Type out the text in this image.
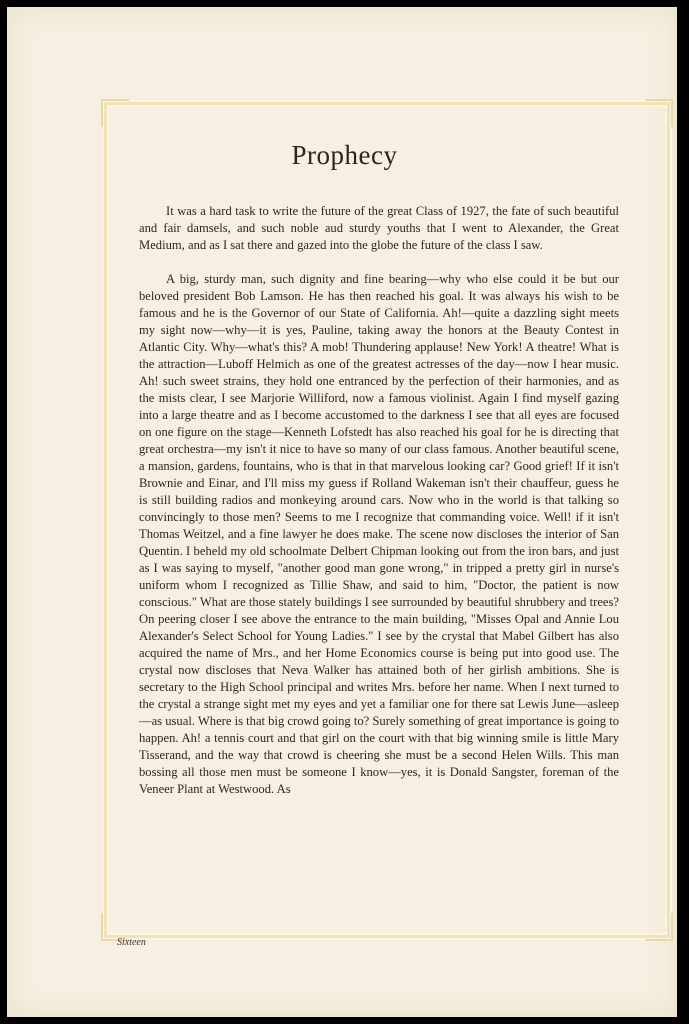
Prophecy

It was a hard task to write the future of the great Class of 1927, the fate of such beautiful and fair damsels, and such noble aud sturdy youths that I went to Alexander, the Great Medium, and as I sat there and gazed into the globe the future of the class I saw.

A big, sturdy man, such dignity and fine bearing—why who else could it be but our beloved president Bob Lamson. He has then reached his goal. It was always his wish to be famous and he is the Governor of our State of California. Ah!—quite a dazzling sight meets my sight now—why—it is yes, Pauline, taking away the honors at the Beauty Contest in Atlantic City. Why—what's this? A mob! Thundering applause! New York! A theatre! What is the attraction—Luboff Helmich as one of the greatest actresses of the day—now I hear music. Ah! such sweet strains, they hold one entranced by the perfection of their harmonies, and as the mists clear, I see Marjorie Williford, now a famous violinist. Again I find myself gazing into a large theatre and as I become accustomed to the darkness I see that all eyes are focused on one figure on the stage—Kenneth Lofstedt has also reached his goal for he is directing that great orchestra—my isn't it nice to have so many of our class famous. Another beautiful scene, a mansion, gardens, fountains, who is that in that marvelous looking car? Good grief! If it isn't Brownie and Einar, and I'll miss my guess if Rolland Wakeman isn't their chauffeur, guess he is still building radios and monkeying around cars. Now who in the world is that talking so convincingly to those men? Seems to me I recognize that commanding voice. Well! if it isn't Thomas Weitzel, and a fine lawyer he does make. The scene now discloses the interior of San Quentin. I beheld my old schoolmate Delbert Chipman looking out from the iron bars, and just as I was saying to myself, "another good man gone wrong," in tripped a pretty girl in nurse's uniform whom I recognized as Tillie Shaw, and said to him, "Doctor, the patient is now conscious." What are those stately buildings I see surrounded by beautiful shrubbery and trees? On peering closer I see above the entrance to the main building, "Misses Opal and Annie Lou Alexander's Select School for Young Ladies." I see by the crystal that Mabel Gilbert has also acquired the name of Mrs., and her Home Economics course is being put into good use. The crystal now discloses that Neva Walker has attained both of her girlish ambitions. She is secretary to the High School principal and writes Mrs. before her name. When I next turned to the crystal a strange sight met my eyes and yet a familiar one for there sat Lewis June—asleep—as usual. Where is that big crowd going to? Surely something of great importance is going to happen. Ah! a tennis court and that girl on the court with that big winning smile is little Mary Tisserand, and the way that crowd is cheering she must be a second Helen Wills. This man bossing all those men must be someone I know—yes, it is Donald Sangster, foreman of the Veneer Plant at Westwood. As

Sixteen
